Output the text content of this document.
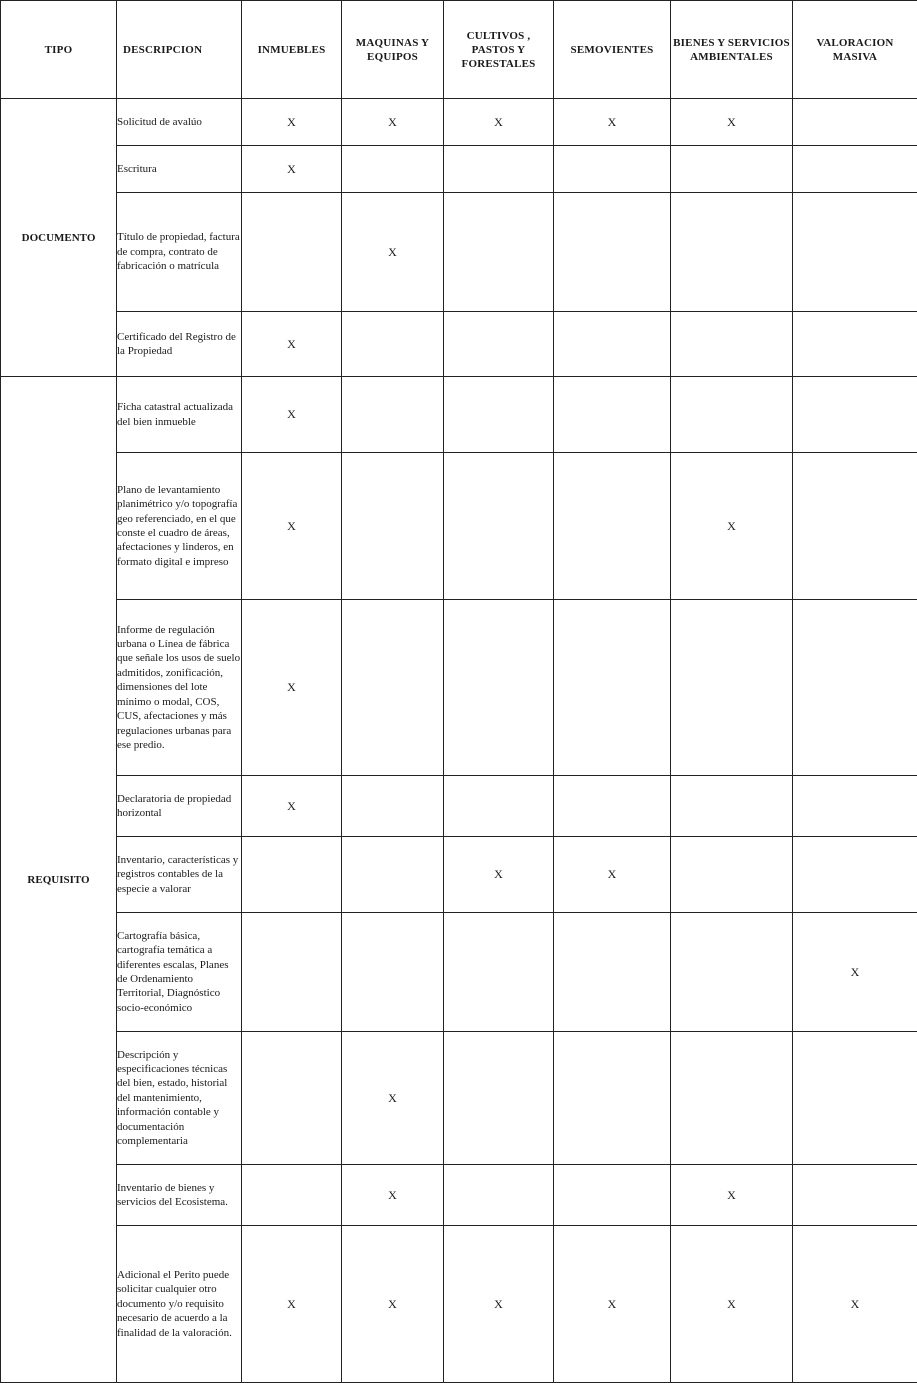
TIPO	DESCRIPCION	INMUEBLES	MAQUINAS Y EQUIPOS	CULTIVOS , PASTOS Y FORESTALES	SEMOVIENTES	BIENES Y SERVICIOS AMBIENTALES	VALORACION MASIVA
DOCUMENTO	Solicitud de avalúo	X	X	X	X	X	
	Escritura	X					
	Título de propiedad, factura de compra, contrato de fabricación o matrícula		X				
	Certificado del Registro de la Propiedad	X					
REQUISITO	Ficha catastral actualizada del bien inmueble	X					
	Plano de levantamiento planimétrico y/o topografía geo referenciado, en el que conste el cuadro de áreas, afectaciones y linderos, en formato digital e impreso	X				X	
	Informe de regulación urbana o Línea de fábrica que señale los usos de suelo admitidos, zonificación, dimensiones del lote mínimo o modal, COS, CUS, afectaciones y más regulaciones urbanas para ese predio.	X					
	Declaratoria de propiedad horizontal	X					
	Inventario, características y registros contables de la especie a valorar			X	X		
	Cartografía básica, cartografía temática a diferentes escalas, Planes de Ordenamiento Territorial, Diagnóstico socio-económico						X
	Descripción y especificaciones técnicas del bien, estado, historial del mantenimiento, información contable y documentación complementaria		X				
	Inventario de bienes y servicios del Ecosistema.		X			X	
	Adicional el Perito puede solicitar cualquier otro documento y/o requisito necesario de acuerdo a la finalidad de la valoración.	X	X	X	X	X	X
